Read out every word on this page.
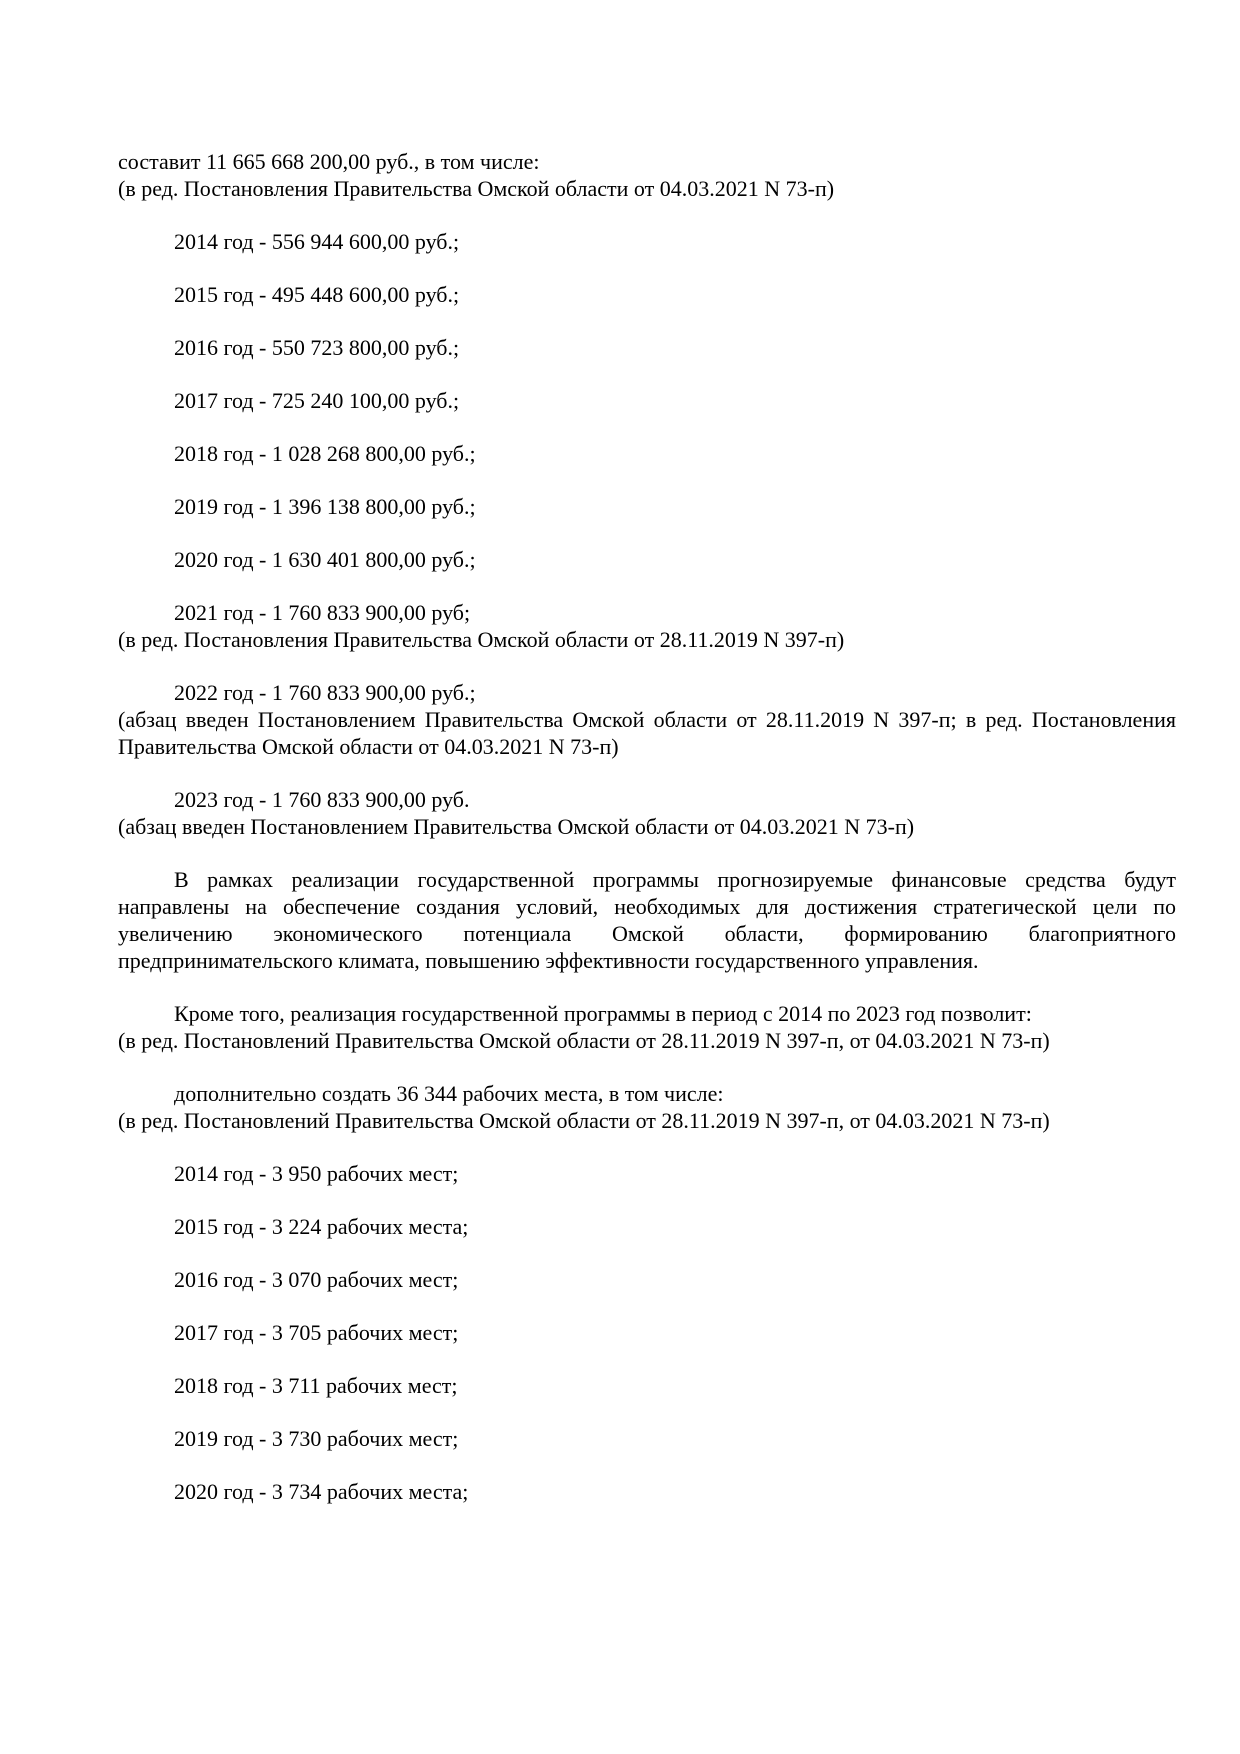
составит 11 665 668 200,00 руб., в том числе:

(в ред. Постановления Правительства Омской области от 04.03.2021 N 73-п)

2014 год - 556 944 600,00 руб.;

2015 год - 495 448 600,00 руб.;

2016 год - 550 723 800,00 руб.;

2017 год - 725 240 100,00 руб.;

2018 год - 1 028 268 800,00 руб.;

2019 год - 1 396 138 800,00 руб.;

2020 год - 1 630 401 800,00 руб.;

2021 год - 1 760 833 900,00 руб;

(в ред. Постановления Правительства Омской области от 28.11.2019 N 397-п)

2022 год - 1 760 833 900,00 руб.;

(абзац введен Постановлением Правительства Омской области от 28.11.2019 N 397-п; в ред. Постановления Правительства Омской области от 04.03.2021 N 73-п)

2023 год - 1 760 833 900,00 руб.

(абзац введен Постановлением Правительства Омской области от 04.03.2021 N 73-п)

В рамках реализации государственной программы прогнозируемые финансовые средства будут направлены на обеспечение создания условий, необходимых для достижения стратегической цели по увеличению экономического потенциала Омской области, формированию благоприятного предпринимательского климата, повышению эффективности государственного управления.

Кроме того, реализация государственной программы в период с 2014 по 2023 год позволит:

(в ред. Постановлений Правительства Омской области от 28.11.2019 N 397-п, от 04.03.2021 N 73-п)

дополнительно создать 36 344 рабочих места, в том числе:

(в ред. Постановлений Правительства Омской области от 28.11.2019 N 397-п, от 04.03.2021 N 73-п)

2014 год - 3 950 рабочих мест;

2015 год - 3 224 рабочих места;

2016 год - 3 070 рабочих мест;

2017 год - 3 705 рабочих мест;

2018 год - 3 711 рабочих мест;

2019 год - 3 730 рабочих мест;

2020 год - 3 734 рабочих места;
